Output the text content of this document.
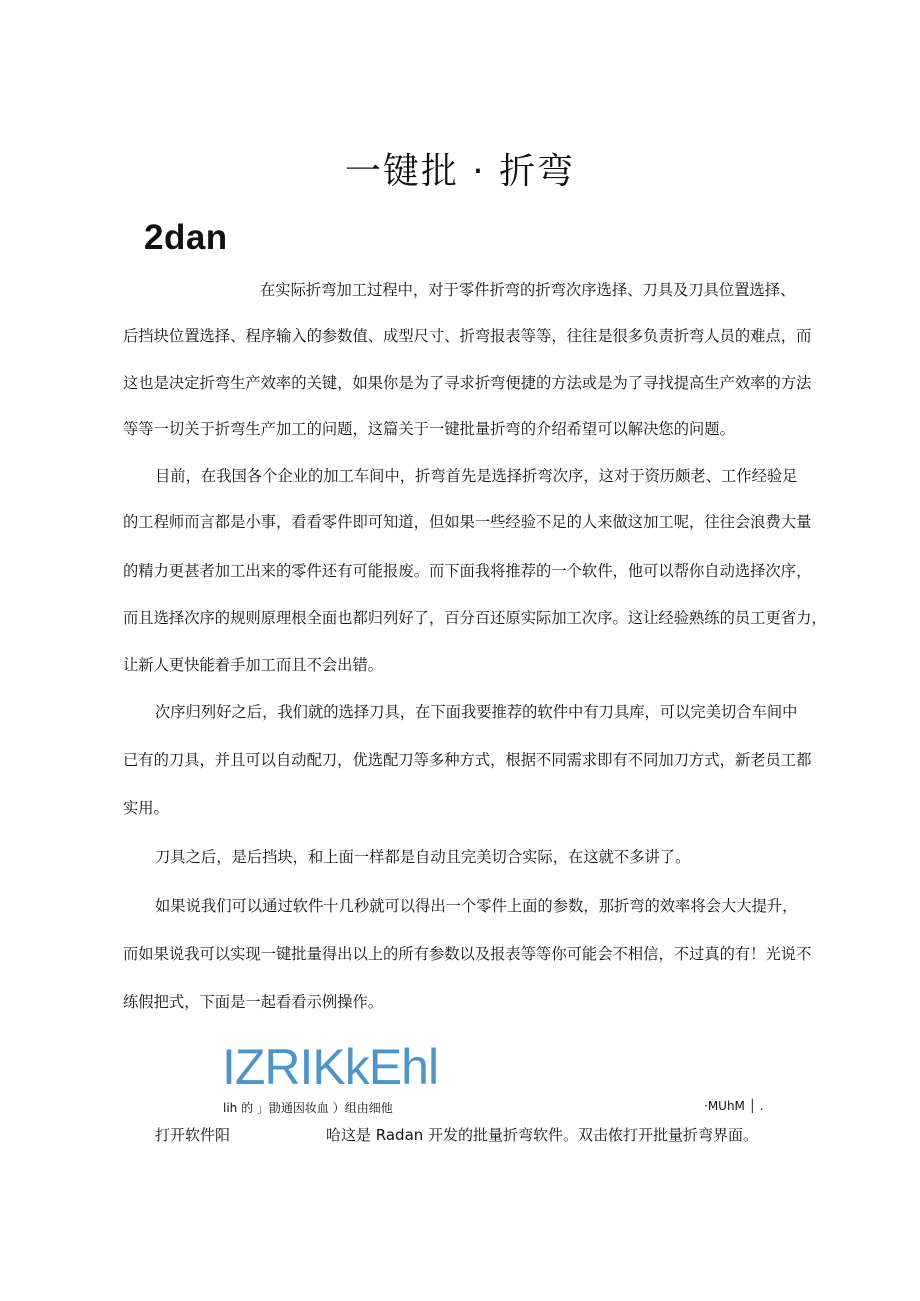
一键批 · 折弯
2dan
在实际折弯加工过程中，对于零件折弯的折弯次序选择、刀具及刀具位置选择、
后挡块位置选择、程序输入的参数值、成型尺寸、折弯报表等等，往往是很多负责折弯人员的难点，而
这也是决定折弯生产效率的关键，如果你是为了寻求折弯便捷的方法或是为了寻找提高生产效率的方法
等等一切关于折弯生产加工的问题，这篇关于一键批量折弯的介绍希望可以解决您的问题。
目前，在我国各个企业的加工车间中，折弯首先是选择折弯次序，这对于资历颇老、工作经验足
的工程师而言都是小事，看看零件即可知道，但如果一些经验不足的人来做这加工呢，往往会浪费大量
的精力更甚者加工出来的零件还有可能报废。而下面我将推荐的一个软件，他可以帮你自动选择次序，
而且选择次序的规则原理根全面也都归列好了，百分百还原实际加工次序。这让经验熟练的员工更省力，
让新人更快能着手加工而且不会出错。
次序归列好之后，我们就的选择刀具，在下面我要推荐的软件中有刀具库，可以完美切合车间中
已有的刀具，并且可以自动配刀，优选配刀等多种方式，根据不同需求即有不同加刀方式，新老员工都
实用。
刀具之后，是后挡块，和上面一样都是自动且完美切合实际，在这就不多讲了。
如果说我们可以通过软件十几秒就可以得出一个零件上面的参数，那折弯的效率将会大大提升，
而如果说我可以实现一键批量得出以上的所有参数以及报表等等你可能会不相信，不过真的有！光说不
练假把式，下面是一起看看示例操作。
IZRIKkEhl
lih 的 」勖通因妆血 ）组由细他	·MUhM │ .
打开软件阳	哈这是 Radan 开发的批量折弯软件。双击侬打开批量折弯界面。
